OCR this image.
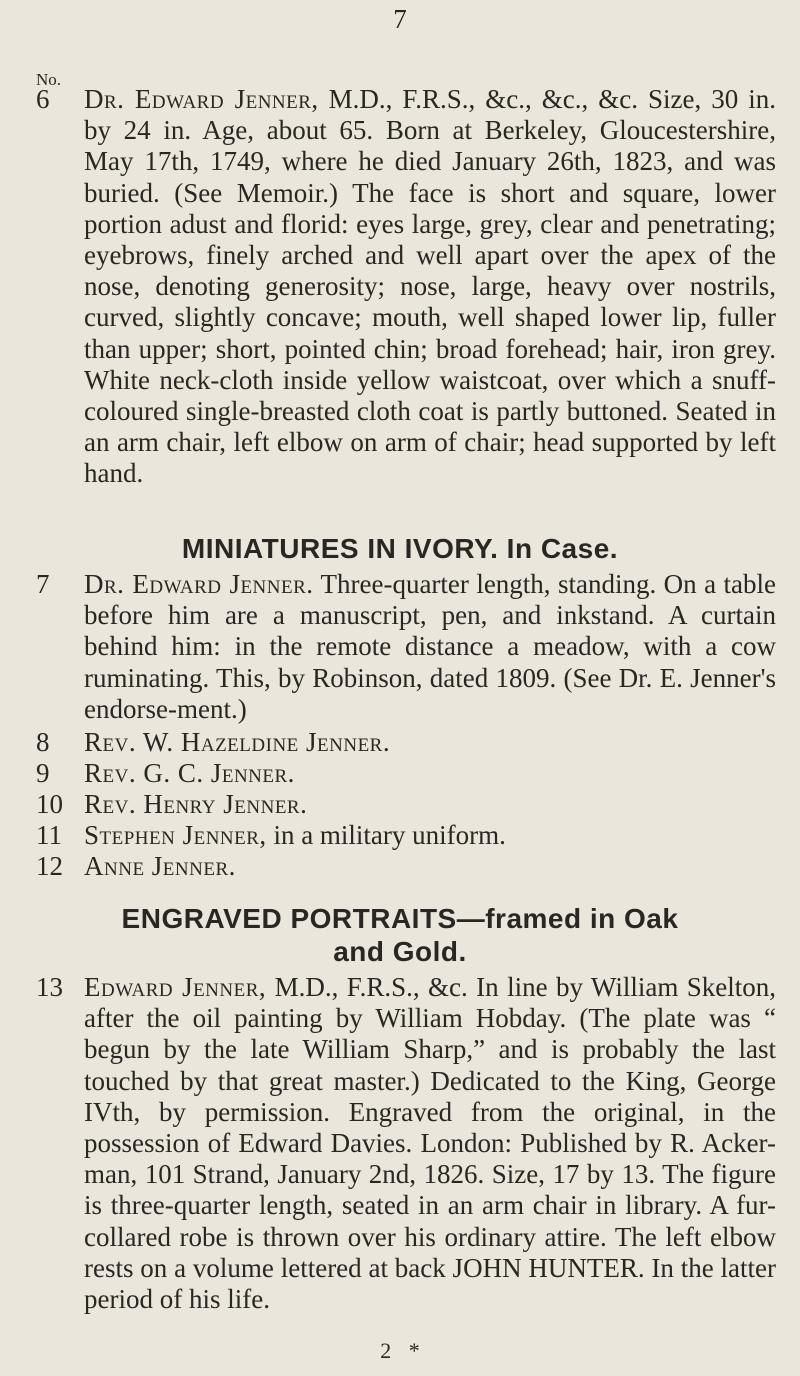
7
No.
6	Dr. Edward Jenner, M.D., F.R.S., &c., &c., &c. Size, 30 in. by 24 in. Age, about 65. Born at Berkeley, Gloucestershire, May 17th, 1749, where he died January 26th, 1823, and was buried. (See Memoir.) The face is short and square, lower portion adust and florid: eyes large, grey, clear and penetrating; eyebrows, finely arched and well apart over the apex of the nose, denoting generosity; nose, large, heavy over nostrils, curved, slightly concave; mouth, well shaped lower lip, fuller than upper; short, pointed chin; broad forehead; hair, iron grey. White neck-cloth inside yellow waistcoat, over which a snuff-coloured single-breasted cloth coat is partly buttoned. Seated in an arm chair, left elbow on arm of chair; head supported by left hand.
MINIATURES IN IVORY. In Case.
7	Dr. Edward Jenner. Three-quarter length, standing. On a table before him are a manuscript, pen, and inkstand. A curtain behind him: in the remote distance a meadow, with a cow ruminating. This, by Robinson, dated 1809. (See Dr. E. Jenner's endorse-ment.)
8	Rev. W. Hazeldine Jenner.
9	Rev. G. C. Jenner.
10 Rev. Henry Jenner.
11 Stephen Jenner, in a military uniform.
12 Anne Jenner.
ENGRAVED PORTRAITS—framed in Oak
and Gold.
13 Edward Jenner, M.D., F.R.S., &c. In line by William Skelton, after the oil painting by William Hobday. (The plate was “ begun by the late William Sharp,” and is probably the last touched by that great master.) Dedicated to the King, George IVth, by permission. Engraved from the original, in the possession of Edward Davies. London: Published by R. Acker-man, 101 Strand, January 2nd, 1826. Size, 17 by 13. The figure is three-quarter length, seated in an arm chair in library. A fur-collared robe is thrown over his ordinary attire. The left elbow rests on a volume lettered at back JOHN HUNTER. In the latter period of his life.
2 *
